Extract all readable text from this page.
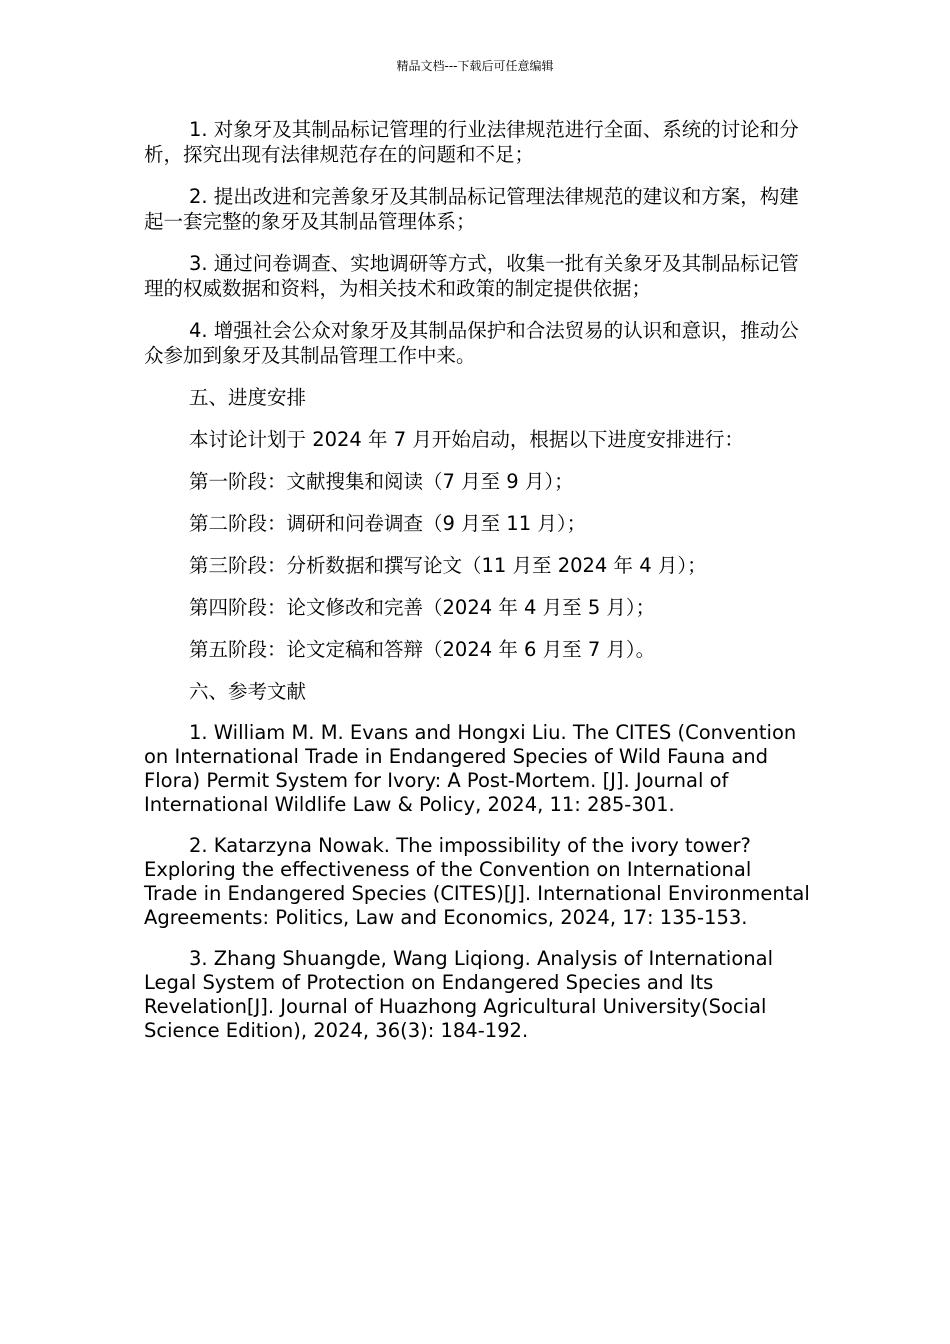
精品文档---下载后可任意编辑

1. 对象牙及其制品标记管理的行业法律规范进行全面、系统的讨论和分析，探究出现有法律规范存在的问题和不足；

2. 提出改进和完善象牙及其制品标记管理法律规范的建议和方案，构建起一套完整的象牙及其制品管理体系；

3. 通过问卷调查、实地调研等方式，收集一批有关象牙及其制品标记管理的权威数据和资料，为相关技术和政策的制定提供依据；

4. 增强社会公众对象牙及其制品保护和合法贸易的认识和意识，推动公众参加到象牙及其制品管理工作中来。

五、进度安排

本讨论计划于 2024 年 7 月开始启动，根据以下进度安排进行：

第一阶段：文献搜集和阅读（7 月至 9 月）；

第二阶段：调研和问卷调查（9 月至 11 月）；

第三阶段：分析数据和撰写论文（11 月至 2024 年 4 月）；

第四阶段：论文修改和完善（2024 年 4 月至 5 月）；

第五阶段：论文定稿和答辩（2024 年 6 月至 7 月）。

六、参考文献

1. William M. M. Evans and Hongxi Liu. The CITES (Convention on International Trade in Endangered Species of Wild Fauna and Flora) Permit System for Ivory: A Post-Mortem. [J]. Journal of International Wildlife Law & Policy, 2024, 11: 285-301.

2. Katarzyna Nowak. The impossibility of the ivory tower? Exploring the effectiveness of the Convention on International Trade in Endangered Species (CITES)[J]. International Environmental Agreements: Politics, Law and Economics, 2024, 17: 135-153.

3. Zhang Shuangde, Wang Liqiong. Analysis of International Legal System of Protection on Endangered Species and Its Revelation[J]. Journal of Huazhong Agricultural University(Social Science Edition), 2024, 36(3): 184-192.
